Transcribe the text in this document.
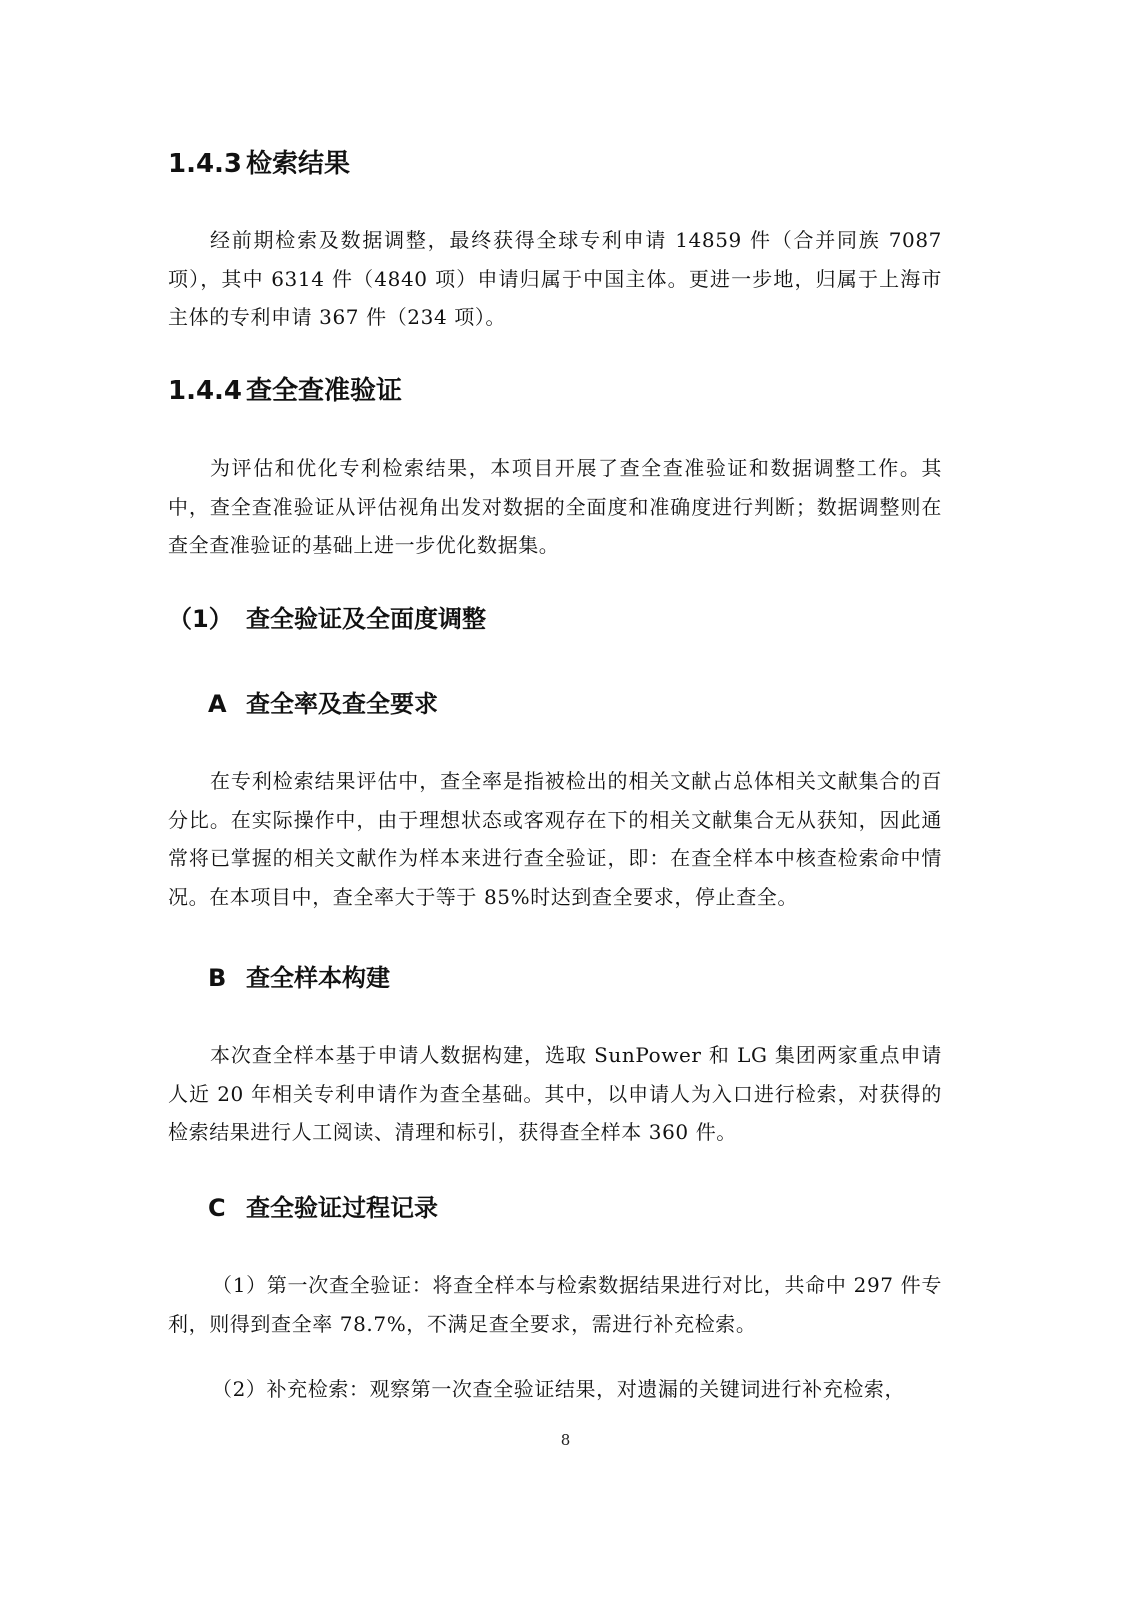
1.4.3 检索结果

经前期检索及数据调整，最终获得全球专利申请 14859 件（合并同族 7087 项），其中 6314 件（4840 项）申请归属于中国主体。更进一步地，归属于上海市主体的专利申请 367 件（234 项）。

1.4.4 查全查准验证

为评估和优化专利检索结果，本项目开展了查全查准验证和数据调整工作。其中，查全查准验证从评估视角出发对数据的全面度和准确度进行判断；数据调整则在查全查准验证的基础上进一步优化数据集。

（1） 查全验证及全面度调整
A 查全率及查全要求

在专利检索结果评估中，查全率是指被检出的相关文献占总体相关文献集合的百分比。在实际操作中，由于理想状态或客观存在下的相关文献集合无从获知，因此通常将已掌握的相关文献作为样本来进行查全验证，即：在查全样本中核查检索命中情况。在本项目中，查全率大于等于 85%时达到查全要求，停止查全。

B 查全样本构建

本次查全样本基于申请人数据构建，选取 SunPower 和 LG 集团两家重点申请人近 20 年相关专利申请作为查全基础。其中，以申请人为入口进行检索，对获得的检索结果进行人工阅读、清理和标引，获得查全样本 360 件。

C 查全验证过程记录

（1）第一次查全验证：将查全样本与检索数据结果进行对比，共命中 297 件专利，则得到查全率 78.7%，不满足查全要求，需进行补充检索。

（2）补充检索：观察第一次查全验证结果，对遗漏的关键词进行补充检索，

8
